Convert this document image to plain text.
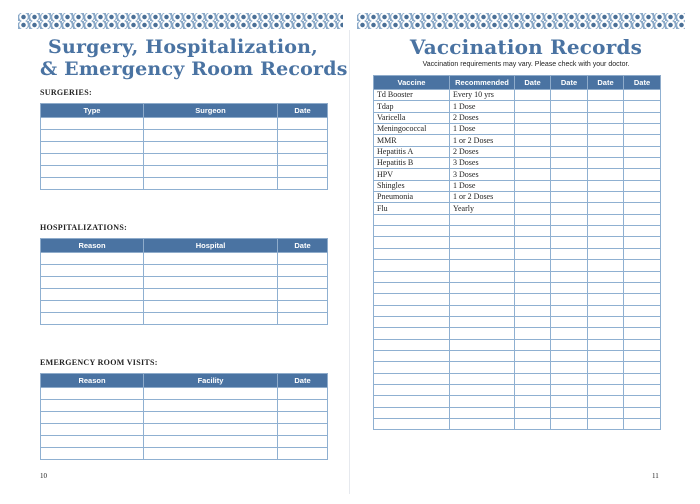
Surgery, Hospitalization,
& Emergency Room Records
SURGERIES:
Type	Surgeon	Date

HOSPITALIZATIONS:
Reason	Hospital	Date

EMERGENCY ROOM VISITS:
Reason	Facility	Date

10
Vaccination Records
Vaccination requirements may vary. Please check with your doctor.
Vaccine	Recommended	Date	Date	Date	Date
Td Booster	Every 10 yrs				
Tdap	1 Dose				
Varicella	2 Doses				
Meningococcal	1 Dose				
MMR	1 or 2 Doses				
Hepatitis A	2 Doses				
Hepatitis B	3 Doses				
HPV	3 Doses				
Shingles	1 Dose				
Pneumonia	1 or 2 Doses				
Flu	Yearly				

11
